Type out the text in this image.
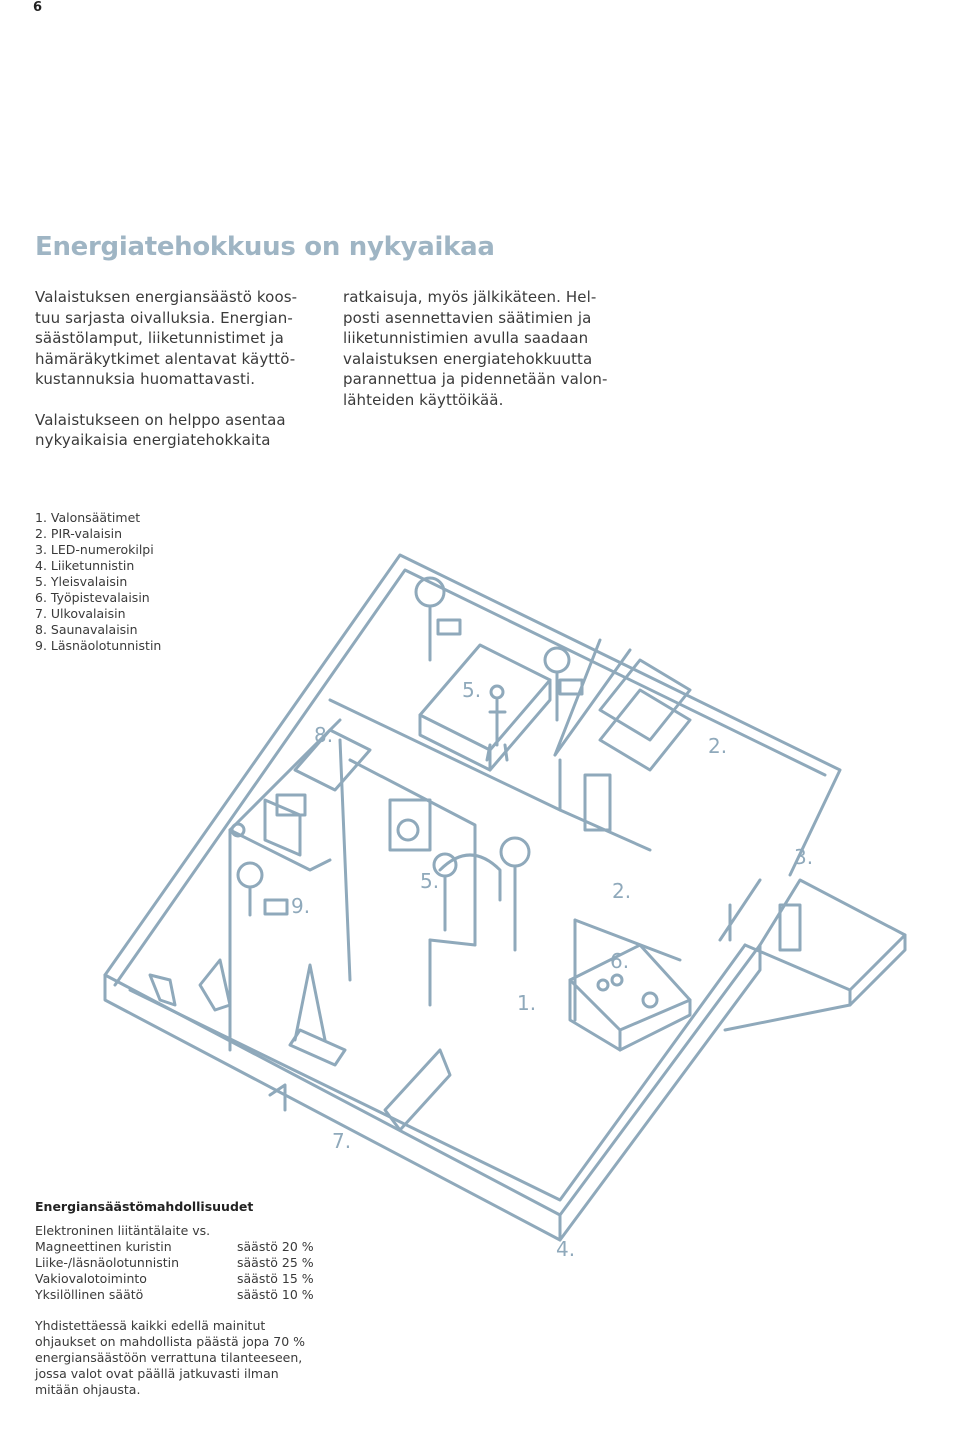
6
Energiatehokkuus on nykyaikaa

Valaistuksen energiansäästö koos-
tuu sarjasta oivalluksia. Energian-
säästölamput, liiketunnistimet ja
hämäräkytkimet alentavat käyttö-
kustannuksia huomattavasti.

Valaistukseen on helppo asentaa
nykyaikaisia energiatehokkaita

ratkaisuja, myös jälkikäteen. Hel-
posti asennettavien säätimien ja
liiketunnistimien avulla saadaan
valaistuksen energiatehokkuutta
parannettua ja pidennetään valon-
lähteiden käyttöikää.

1. Valonsäätimet
2. PIR-valaisin
3. LED-numerokilpi
4. Liiketunnistin
5. Yleisvalaisin
6. Työpistevalaisin
7. Ulkovalaisin
8. Saunavalaisin
9. Läsnäolotunnistin
5.
8.	2.
3.
5.
9.
2.
6.
1.
7.
4.
Energiansäästömahdollisuudet
Elektroninen liitäntälaite vs.
Magneettinen kuristin	säästö 20 %
Liike-/läsnäolotunnistin	säästö 25 %
Vakiovalotoiminto	säästö 15 %
Yksilöllinen säätö	säästö 10 %
Yhdistettäessä kaikki edellä mainitut
ohjaukset on mahdollista päästä jopa 70 %
energiansäästöön verrattuna tilanteeseen,
jossa valot ovat päällä jatkuvasti ilman
mitään ohjausta.
